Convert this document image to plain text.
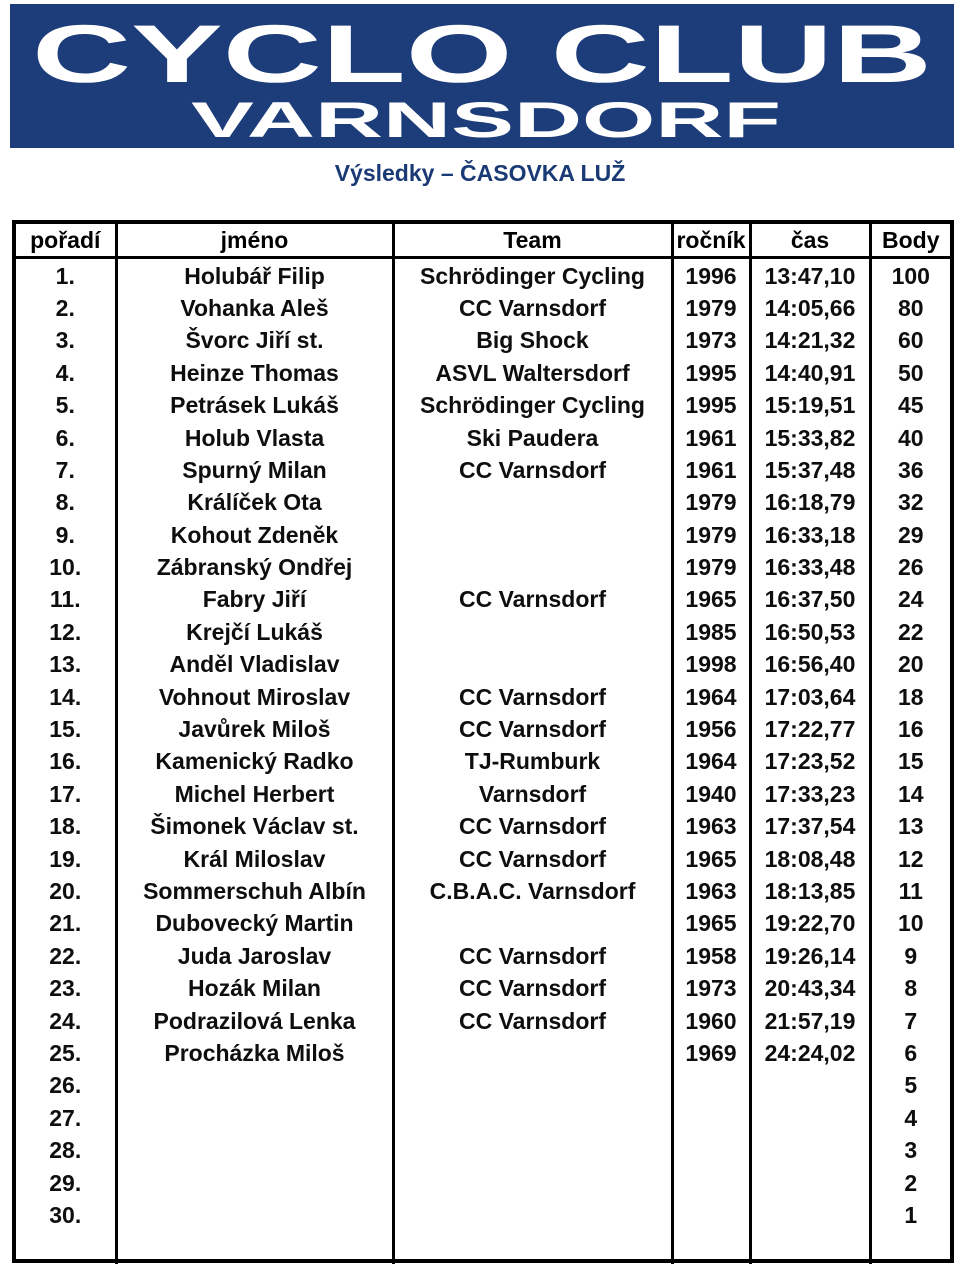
CYCLO CLUB
VARNSDORF
Výsledky – ČASOVKA LUŽ
pořadí	jméno	Team	ročník	čas	Body
1.	Holubář Filip	Schrödinger Cycling	1996	13:47,10	100
2.	Vohanka Aleš	CC Varnsdorf	1979	14:05,66	80
3.	Švorc Jiří st.	Big Shock	1973	14:21,32	60
4.	Heinze Thomas	ASVL Waltersdorf	1995	14:40,91	50
5.	Petrásek Lukáš	Schrödinger Cycling	1995	15:19,51	45
6.	Holub Vlasta	Ski Paudera	1961	15:33,82	40
7.	Spurný Milan	CC Varnsdorf	1961	15:37,48	36
8.	Králíček Ota		1979	16:18,79	32
9.	Kohout Zdeněk		1979	16:33,18	29
10.	Zábranský Ondřej		1979	16:33,48	26
11.	Fabry Jiří	CC Varnsdorf	1965	16:37,50	24
12.	Krejčí Lukáš		1985	16:50,53	22
13.	Anděl Vladislav		1998	16:56,40	20
14.	Vohnout Miroslav	CC Varnsdorf	1964	17:03,64	18
15.	Javůrek Miloš	CC Varnsdorf	1956	17:22,77	16
16.	Kamenický Radko	TJ-Rumburk	1964	17:23,52	15
17.	Michel Herbert	Varnsdorf	1940	17:33,23	14
18.	Šimonek Václav st.	CC Varnsdorf	1963	17:37,54	13
19.	Král Miloslav	CC Varnsdorf	1965	18:08,48	12
20.	Sommerschuh Albín	C.B.A.C. Varnsdorf	1963	18:13,85	11
21.	Dubovecký Martin		1965	19:22,70	10
22.	Juda Jaroslav	CC Varnsdorf	1958	19:26,14	9
23.	Hozák Milan	CC Varnsdorf	1973	20:43,34	8
24.	Podrazilová Lenka	CC Varnsdorf	1960	21:57,19	7
25.	Procházka Miloš		1969	24:24,02	6
26.					5
27.					4
28.					3
29.					2
30.					1
